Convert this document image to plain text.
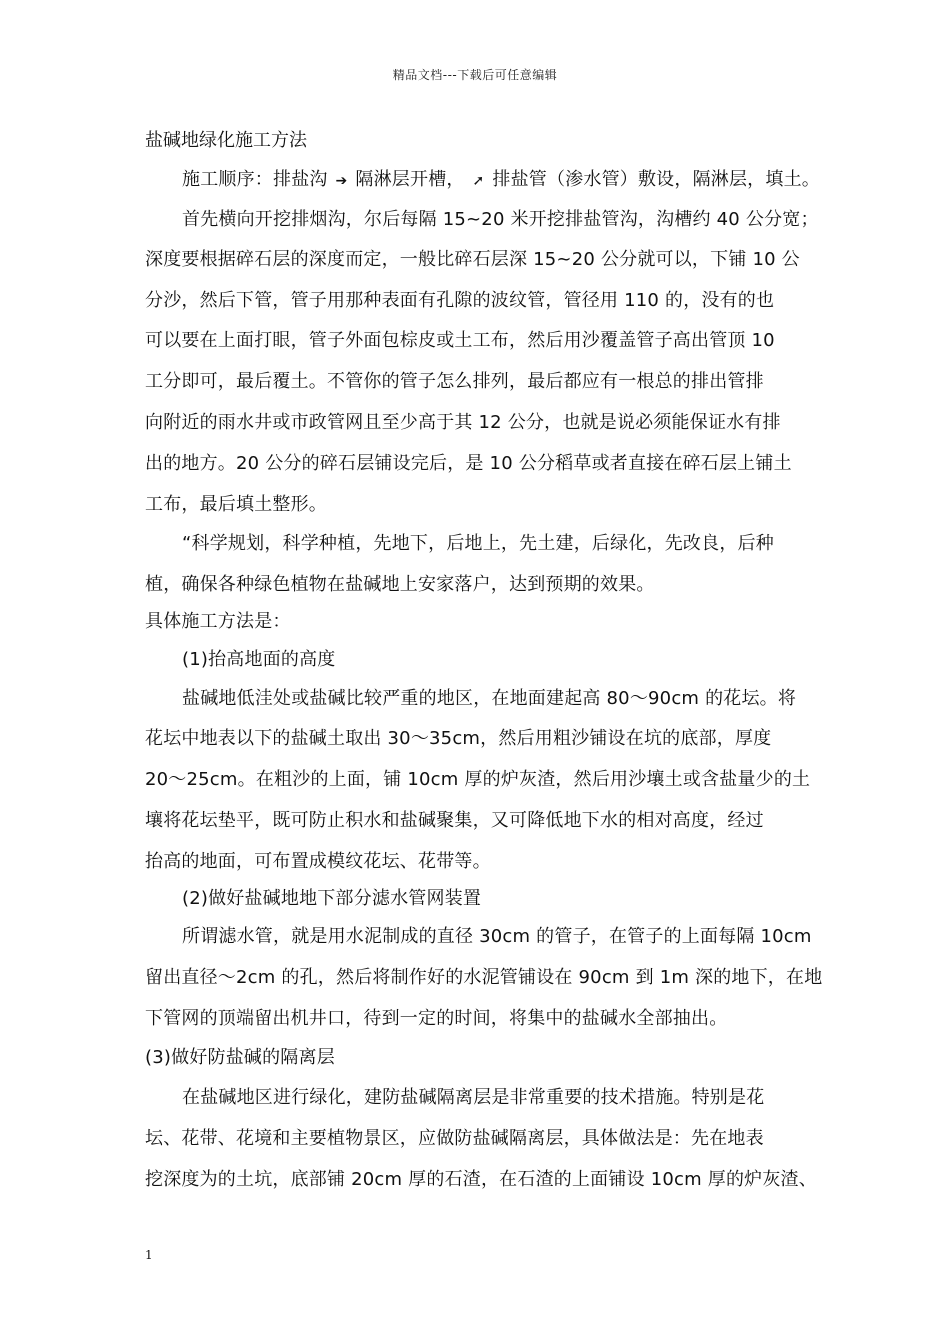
精品文档---下载后可任意编辑
盐碱地绿化施工方法
施工顺序：排盐沟 ➔ 隔淋层开槽， ➚ 排盐管（渗水管）敷设，隔淋层，填土。
首先横向开挖排烟沟，尔后每隔 15~20 米开挖排盐管沟，沟槽约 40 公分宽；
深度要根据碎石层的深度而定，一般比碎石层深 15~20 公分就可以，下铺 10 公
分沙，然后下管，管子用那种表面有孔隙的波纹管，管径用 110 的，没有的也
可以要在上面打眼，管子外面包棕皮或土工布，然后用沙覆盖管子高出管顶 10
工分即可，最后覆土。不管你的管子怎么排列，最后都应有一根总的排出管排
向附近的雨水井或市政管网且至少高于其 12 公分，也就是说必须能保证水有排
出的地方。20 公分的碎石层铺设完后，是 10 公分稻草或者直接在碎石层上铺土
工布，最后填土整形。
“科学规划，科学种植，先地下，后地上，先土建，后绿化，先改良，后种
植，确保各种绿色植物在盐碱地上安家落户，达到预期的效果。
具体施工方法是：
(1)抬高地面的高度
盐碱地低洼处或盐碱比较严重的地区，在地面建起高 80～90cm 的花坛。将
花坛中地表以下的盐碱土取出 30～35cm，然后用粗沙铺设在坑的底部，厚度
20～25cm。在粗沙的上面，铺 10cm 厚的炉灰渣，然后用沙壤土或含盐量少的土
壤将花坛垫平，既可防止积水和盐碱聚集，又可降低地下水的相对高度，经过
抬高的地面，可布置成模纹花坛、花带等。
(2)做好盐碱地地下部分滤水管网装置
所谓滤水管，就是用水泥制成的直径 30cm 的管子，在管子的上面每隔 10cm
留出直径～2cm 的孔，然后将制作好的水泥管铺设在 90cm 到 1m 深的地下，在地
下管网的顶端留出机井口，待到一定的时间，将集中的盐碱水全部抽出。
(3)做好防盐碱的隔离层
在盐碱地区进行绿化，建防盐碱隔离层是非常重要的技术措施。特别是花
坛、花带、花境和主要植物景区，应做防盐碱隔离层，具体做法是：先在地表
挖深度为的土坑，底部铺 20cm 厚的石渣，在石渣的上面铺设 10cm 厚的炉灰渣、
1
